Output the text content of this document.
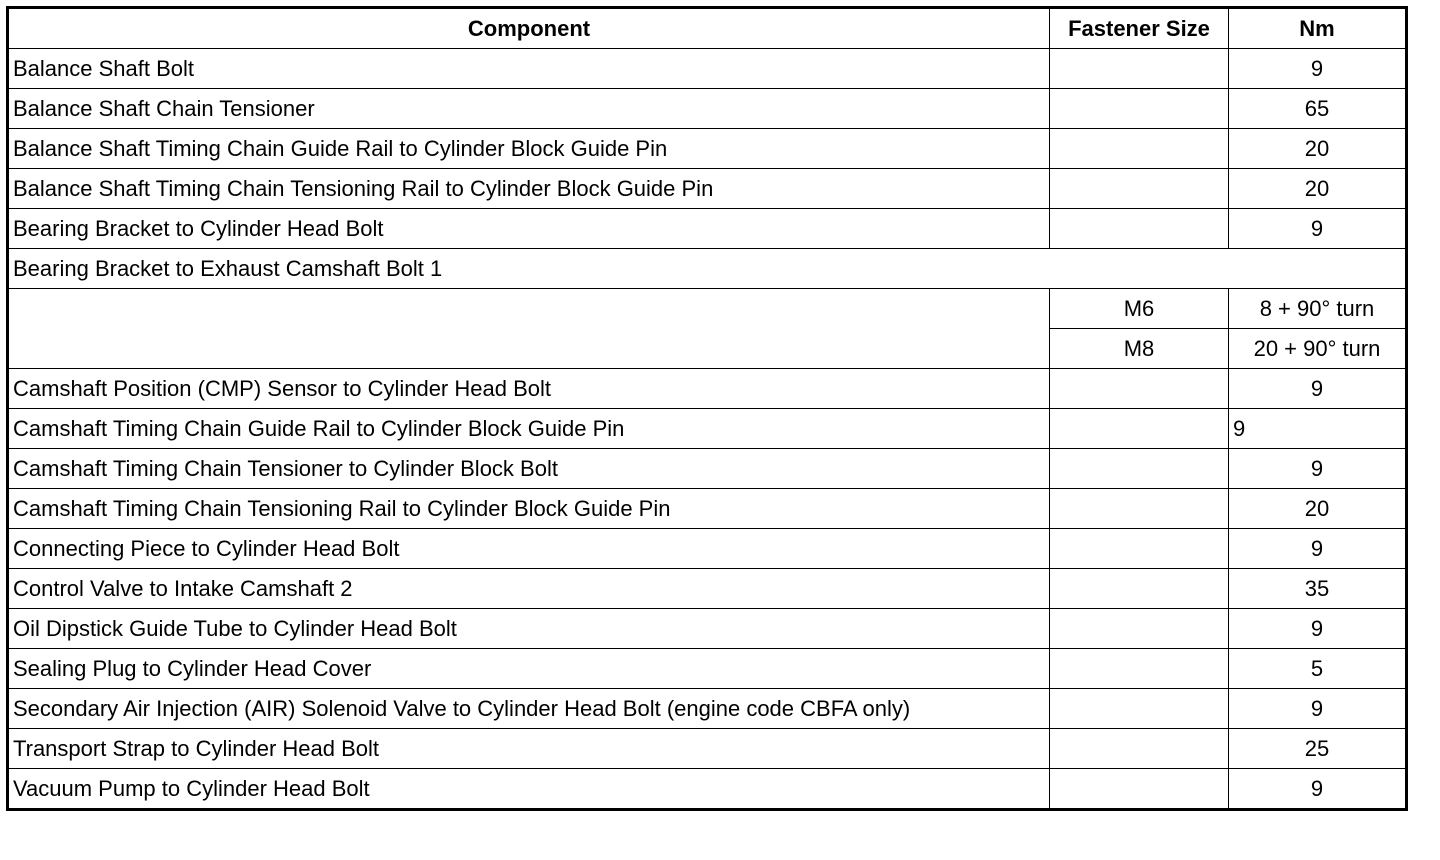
Component	Fastener Size	Nm
Balance Shaft Bolt		9
Balance Shaft Chain Tensioner		65
Balance Shaft Timing Chain Guide Rail to Cylinder Block Guide Pin		20
Balance Shaft Timing Chain Tensioning Rail to Cylinder Block Guide Pin		20
Bearing Bracket to Cylinder Head Bolt		9
Bearing Bracket to Exhaust Camshaft Bolt 1		
	M6	8 + 90° turn
	M8	20 + 90° turn
Camshaft Position (CMP) Sensor to Cylinder Head Bolt		9
Camshaft Timing Chain Guide Rail to Cylinder Block Guide Pin		9
Camshaft Timing Chain Tensioner to Cylinder Block Bolt		9
Camshaft Timing Chain Tensioning Rail to Cylinder Block Guide Pin		20
Connecting Piece to Cylinder Head Bolt		9
Control Valve to Intake Camshaft 2		35
Oil Dipstick Guide Tube to Cylinder Head Bolt		9
Sealing Plug to Cylinder Head Cover		5
Secondary Air Injection (AIR) Solenoid Valve to Cylinder Head Bolt (engine code CBFA only)		9
Transport Strap to Cylinder Head Bolt		25
Vacuum Pump to Cylinder Head Bolt		9
